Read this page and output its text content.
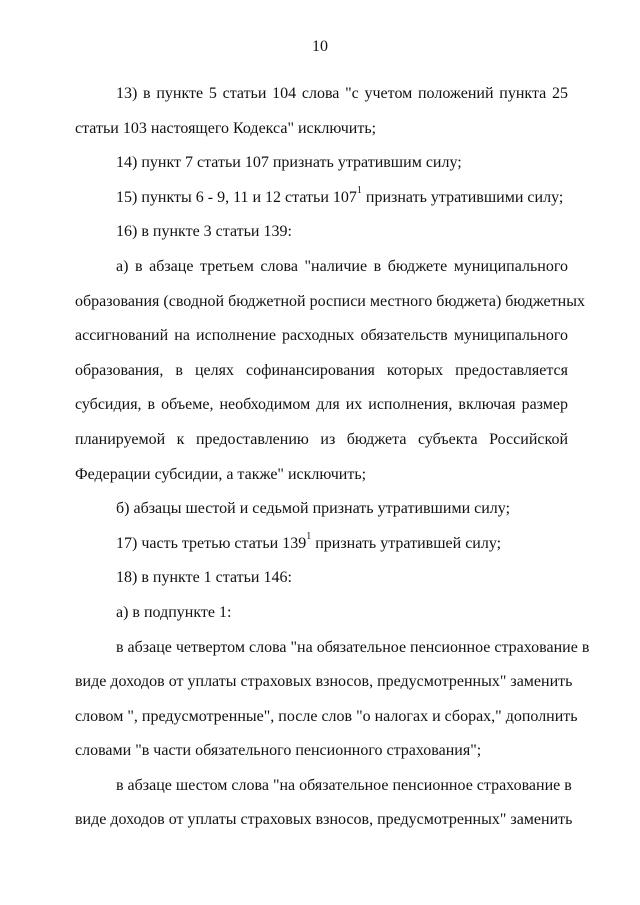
10

13) в пункте 5 статьи 104 слова "с учетом положений пункта 25
статьи 103 настоящего Кодекса" исключить;

14) пункт 7 статьи 107 признать утратившим силу;

15) пункты 6 - 9, 11 и 12 статьи $107^1$ признать утратившими силу;

16) в пункте 3 статьи 139:

а) в абзаце третьем слова "наличие в бюджете муниципального
образования (сводной бюджетной росписи местного бюджета) бюджетных
ассигнований на исполнение расходных обязательств муниципального
образования, в целях софинансирования которых предоставляется
субсидия, в объеме, необходимом для их исполнения, включая размер
планируемой к предоставлению из бюджета субъекта Российской
Федерации субсидии, а также" исключить;

б) абзацы шестой и седьмой признать утратившими силу;

17) часть третью статьи $139^1$ признать утратившей силу;

18) в пункте 1 статьи 146:

а) в подпункте 1:

в абзаце четвертом слова "на обязательное пенсионное страхование в
виде доходов от уплаты страховых взносов, предусмотренных" заменить
словом ", предусмотренные", после слов "о налогах и сборах," дополнить
словами "в части обязательного пенсионного страхования";

в абзаце шестом слова "на обязательное пенсионное страхование в
виде доходов от уплаты страховых взносов, предусмотренных" заменить
